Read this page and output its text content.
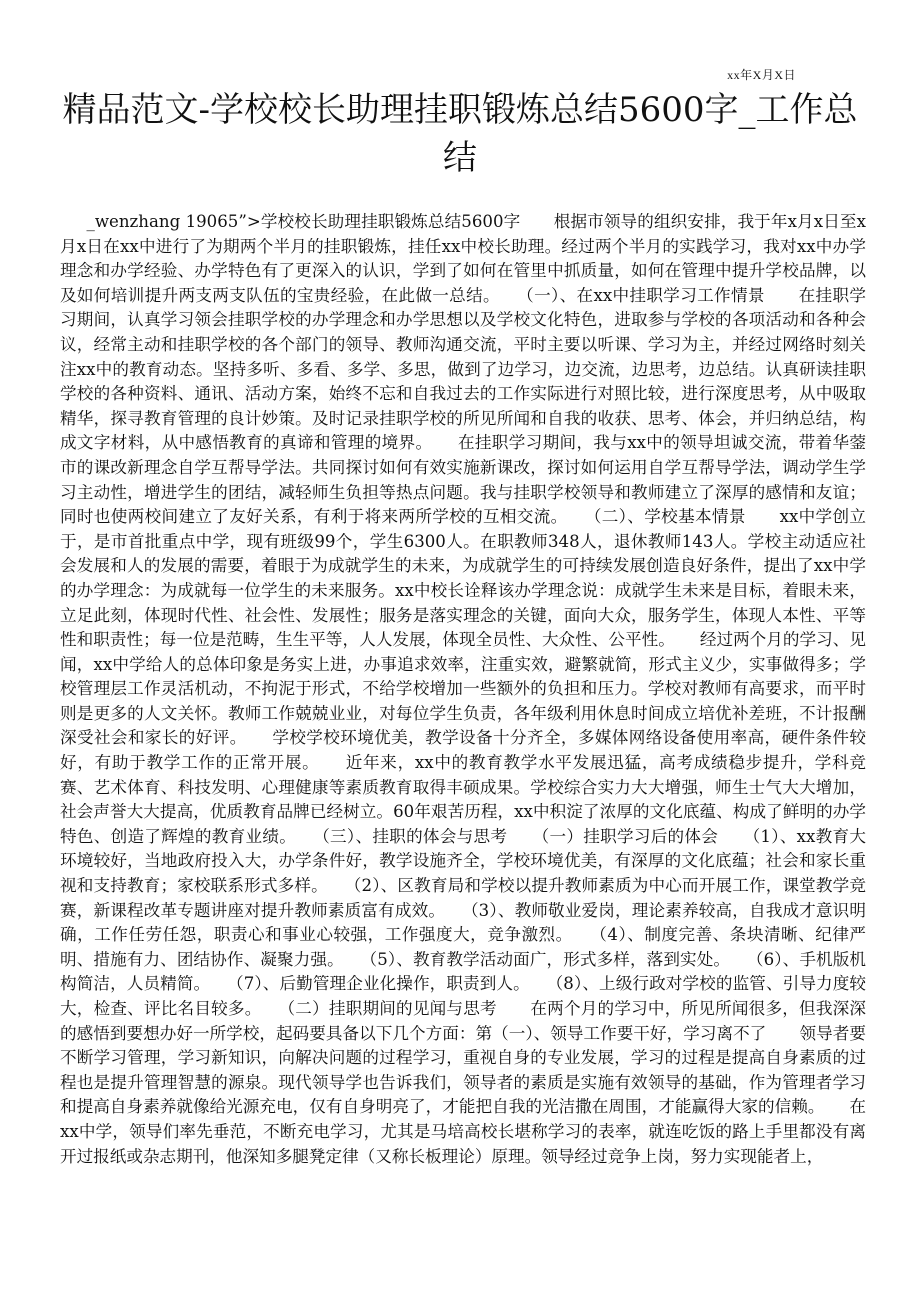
xx年X月X日
精品范文-学校校长助理挂职锻炼总结5600字_工作总结

_wenzhang 19065”>学校校长助理挂职锻炼总结5600字　　根据市领导的组织安排，我于年x月x日至x月x日在xx中进行了为期两个半月的挂职锻炼，挂任xx中校长助理。经过两个半月的实践学习，我对xx中办学理念和办学经验、办学特色有了更深入的认识，学到了如何在管里中抓质量，如何在管理中提升学校品牌，以及如何培训提升两支两支队伍的宝贵经验，在此做一总结。　　（一）、在xx中挂职学习工作情景　　在挂职学习期间，认真学习领会挂职学校的办学理念和办学思想以及学校文化特色，进取参与学校的各项活动和各种会议，经常主动和挂职学校的各个部门的领导、教师沟通交流，平时主要以听课、学习为主，并经过网络时刻关注xx中的教育动态。坚持多听、多看、多学、多思，做到了边学习，边交流，边思考，边总结。认真研读挂职学校的各种资料、通讯、活动方案，始终不忘和自我过去的工作实际进行对照比较，进行深度思考，从中吸取精华，探寻教育管理的良计妙策。及时记录挂职学校的所见所闻和自我的收获、思考、体会，并归纳总结，构成文字材料，从中感悟教育的真谛和管理的境界。　　在挂职学习期间，我与xx中的领导坦诚交流，带着华蓥市的课改新理念自学互帮导学法。共同探讨如何有效实施新课改，探讨如何运用自学互帮导学法，调动学生学习主动性，增进学生的团结，减轻师生负担等热点问题。我与挂职学校领导和教师建立了深厚的感情和友谊；同时也使两校间建立了友好关系，有利于将来两所学校的互相交流。　　（二）、学校基本情景　　xx中学创立于，是市首批重点中学，现有班级99个，学生6300人。在职教师348人，退休教师143人。学校主动适应社会发展和人的发展的需要，着眼于为成就学生的未来，为成就学生的可持续发展创造良好条件，提出了xx中学的办学理念：为成就每一位学生的未来服务。xx中校长诠释该办学理念说：成就学生未来是目标，着眼未来，立足此刻，体现时代性、社会性、发展性；服务是落实理念的关键，面向大众，服务学生，体现人本性、平等性和职责性；每一位是范畴，生生平等，人人发展，体现全员性、大众性、公平性。　　经过两个月的学习、见闻，xx中学给人的总体印象是务实上进，办事追求效率，注重实效，避繁就简，形式主义少，实事做得多；学校管理层工作灵活机动，不拘泥于形式，不给学校增加一些额外的负担和压力。学校对教师有高要求，而平时则是更多的人文关怀。教师工作兢兢业业，对每位学生负责，各年级利用休息时间成立培优补差班，不计报酬深受社会和家长的好评。　　学校学校环境优美，教学设备十分齐全，多媒体网络设备使用率高，硬件条件较好，有助于教学工作的正常开展。　　近年来，xx中的教育教学水平发展迅猛，高考成绩稳步提升，学科竞赛、艺术体育、科技发明、心理健康等素质教育取得丰硕成果。学校综合实力大大增强，师生士气大大增加，社会声誉大大提高，优质教育品牌已经树立。60年艰苦历程，xx中积淀了浓厚的文化底蕴、构成了鲜明的办学特色、创造了辉煌的教育业绩。　　（三）、挂职的体会与思考　　（一）挂职学习后的体会　　（1）、xx教育大环境较好，当地政府投入大，办学条件好，教学设施齐全，学校环境优美，有深厚的文化底蕴；社会和家长重视和支持教育；家校联系形式多样。　　（2）、区教育局和学校以提升教师素质为中心而开展工作，课堂教学竞赛，新课程改革专题讲座对提升教师素质富有成效。　　（3）、教师敬业爱岗，理论素养较高，自我成才意识明确，工作任劳任怨，职责心和事业心较强，工作强度大，竞争激烈。　　（4）、制度完善、条块清晰、纪律严明、措施有力、团结协作、凝聚力强。　　（5）、教育教学活动面广，形式多样，落到实处。　　（6）、手机版机构简洁，人员精简。　　（7）、后勤管理企业化操作，职责到人。　　（8）、上级行政对学校的监管、引导力度较大，检查、评比名目较多。　　（二）挂职期间的见闻与思考　　在两个月的学习中，所见所闻很多，但我深深的感悟到要想办好一所学校，起码要具备以下几个方面：第（一）、领导工作要干好，学习离不了　　领导者要不断学习管理，学习新知识，向解决问题的过程学习，重视自身的专业发展，学习的过程是提高自身素质的过程也是提升管理智慧的源泉。现代领导学也告诉我们，领导者的素质是实施有效领导的基础，作为管理者学习和提高自身素养就像给光源充电，仅有自身明亮了，才能把自我的光洁撒在周围，才能赢得大家的信赖。　　在xx中学，领导们率先垂范，不断充电学习，尤其是马培高校长堪称学习的表率，就连吃饭的路上手里都没有离开过报纸或杂志期刊，他深知多腿凳定律（又称长板理论）原理。领导经过竞争上岗，努力实现能者上，
